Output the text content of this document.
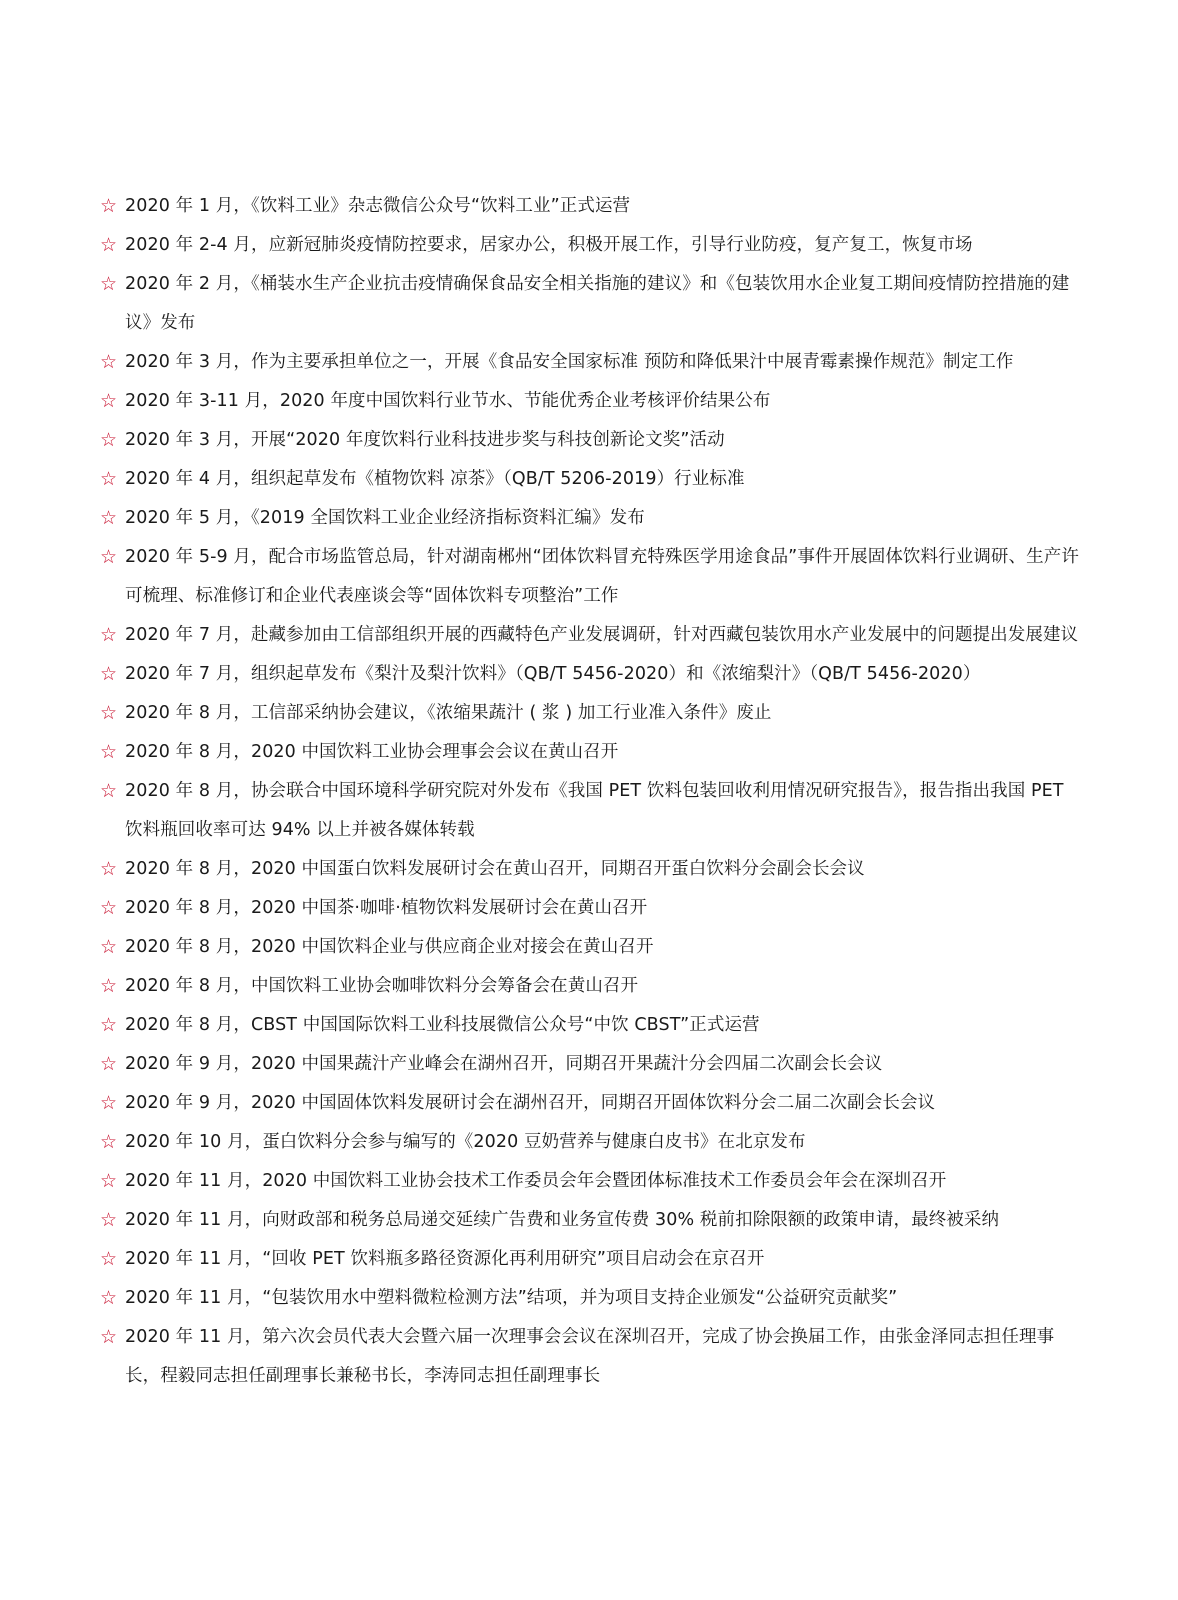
☆ 2020 年 1 月，《饮料工业》杂志微信公众号“饮料工业”正式运营
☆ 2020 年 2-4 月，应新冠肺炎疫情防控要求，居家办公，积极开展工作，引导行业防疫，复产复工，恢复市场
☆ 2020 年 2 月，《桶装水生产企业抗击疫情确保食品安全相关指施的建议》和《包装饮用水企业复工期间疫情防控措施的建议》发布
☆ 2020 年 3 月，作为主要承担单位之一，开展《食品安全国家标准 预防和降低果汁中展青霉素操作规范》制定工作
☆ 2020 年 3-11 月，2020 年度中国饮料行业节水、节能优秀企业考核评价结果公布
☆ 2020 年 3 月，开展“2020 年度饮料行业科技进步奖与科技创新论文奖”活动
☆ 2020 年 4 月，组织起草发布《植物饮料 凉茶》（QB/T 5206-2019）行业标准
☆ 2020 年 5 月，《2019 全国饮料工业企业经济指标资料汇编》发布
☆ 2020 年 5-9 月，配合市场监管总局，针对湖南郴州“团体饮料冒充特殊医学用途食品”事件开展固体饮料行业调研、生产许可梳理、标准修订和企业代表座谈会等“固体饮料专项整治”工作
☆ 2020 年 7 月，赴藏参加由工信部组织开展的西藏特色产业发展调研，针对西藏包装饮用水产业发展中的问题提出发展建议
☆ 2020 年 7 月，组织起草发布《梨汁及梨汁饮料》（QB/T 5456-2020）和《浓缩梨汁》（QB/T 5456-2020）
☆ 2020 年 8 月，工信部采纳协会建议，《浓缩果蔬汁 ( 浆 ) 加工行业准入条件》废止
☆ 2020 年 8 月，2020 中国饮料工业协会理事会会议在黄山召开
☆ 2020 年 8 月，协会联合中国环境科学研究院对外发布《我国 PET 饮料包装回收利用情况研究报告》，报告指出我国 PET 饮料瓶回收率可达 94% 以上并被各媒体转载
☆ 2020 年 8 月，2020 中国蛋白饮料发展研讨会在黄山召开，同期召开蛋白饮料分会副会长会议
☆ 2020 年 8 月，2020 中国茶·咖啡·植物饮料发展研讨会在黄山召开
☆ 2020 年 8 月，2020 中国饮料企业与供应商企业对接会在黄山召开
☆ 2020 年 8 月，中国饮料工业协会咖啡饮料分会筹备会在黄山召开
☆ 2020 年 8 月，CBST 中国国际饮料工业科技展微信公众号“中饮 CBST”正式运营
☆ 2020 年 9 月，2020 中国果蔬汁产业峰会在湖州召开，同期召开果蔬汁分会四届二次副会长会议
☆ 2020 年 9 月，2020 中国固体饮料发展研讨会在湖州召开，同期召开固体饮料分会二届二次副会长会议
☆ 2020 年 10 月，蛋白饮料分会参与编写的《2020 豆奶营养与健康白皮书》在北京发布
☆ 2020 年 11 月，2020 中国饮料工业协会技术工作委员会年会暨团体标准技术工作委员会年会在深圳召开
☆ 2020 年 11 月，向财政部和税务总局递交延续广告费和业务宣传费 30% 税前扣除限额的政策申请，最终被采纳
☆ 2020 年 11 月，“回收 PET 饮料瓶多路径资源化再利用研究”项目启动会在京召开
☆ 2020 年 11 月，“包装饮用水中塑料微粒检测方法”结项，并为项目支持企业颁发“公益研究贡献奖”
☆ 2020 年 11 月，第六次会员代表大会暨六届一次理事会会议在深圳召开，完成了协会换届工作，由张金泽同志担任理事长，程毅同志担任副理事长兼秘书长，李涛同志担任副理事长
